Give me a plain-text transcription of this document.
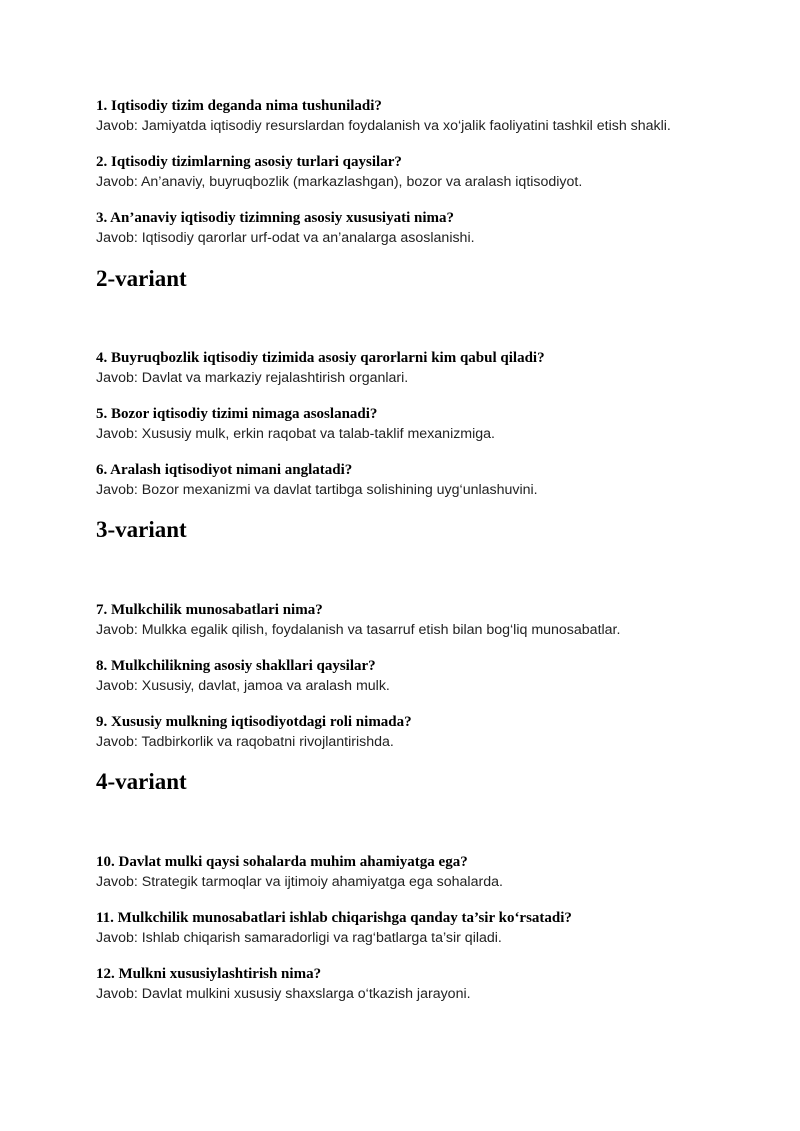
1. Iqtisodiy tizim deganda nima tushuniladi?
Javob: Jamiyatda iqtisodiy resurslardan foydalanish va xo‘jalik faoliyatini tashkil etish shakli.
2. Iqtisodiy tizimlarning asosiy turlari qaysilar?
Javob: An’anaviy, buyruqbozlik (markazlashgan), bozor va aralash iqtisodiyot.
3. An’anaviy iqtisodiy tizimning asosiy xususiyati nima?
Javob: Iqtisodiy qarorlar urf-odat va an’analarga asoslanishi.
2-variant
4. Buyruqbozlik iqtisodiy tizimida asosiy qarorlarni kim qabul qiladi?
Javob: Davlat va markaziy rejalashtirish organlari.
5. Bozor iqtisodiy tizimi nimaga asoslanadi?
Javob: Xususiy mulk, erkin raqobat va talab-taklif mexanizmiga.
6. Aralash iqtisodiyot nimani anglatadi?
Javob: Bozor mexanizmi va davlat tartibga solishining uyg‘unlashuvini.
3-variant
7. Mulkchilik munosabatlari nima?
Javob: Mulkka egalik qilish, foydalanish va tasarruf etish bilan bog‘liq munosabatlar.
8. Mulkchilikning asosiy shakllari qaysilar?
Javob: Xususiy, davlat, jamoa va aralash mulk.
9. Xususiy mulkning iqtisodiyotdagi roli nimada?
Javob: Tadbirkorlik va raqobatni rivojlantirishda.
4-variant
10. Davlat mulki qaysi sohalarda muhim ahamiyatga ega?
Javob: Strategik tarmoqlar va ijtimoiy ahamiyatga ega sohalarda.
11. Mulkchilik munosabatlari ishlab chiqarishga qanday ta’sir ko‘rsatadi?
Javob: Ishlab chiqarish samaradorligi va rag‘batlarga ta’sir qiladi.
12. Mulkni xususiylashtirish nima?
Javob: Davlat mulkini xususiy shaxslarga o‘tkazish jarayoni.
